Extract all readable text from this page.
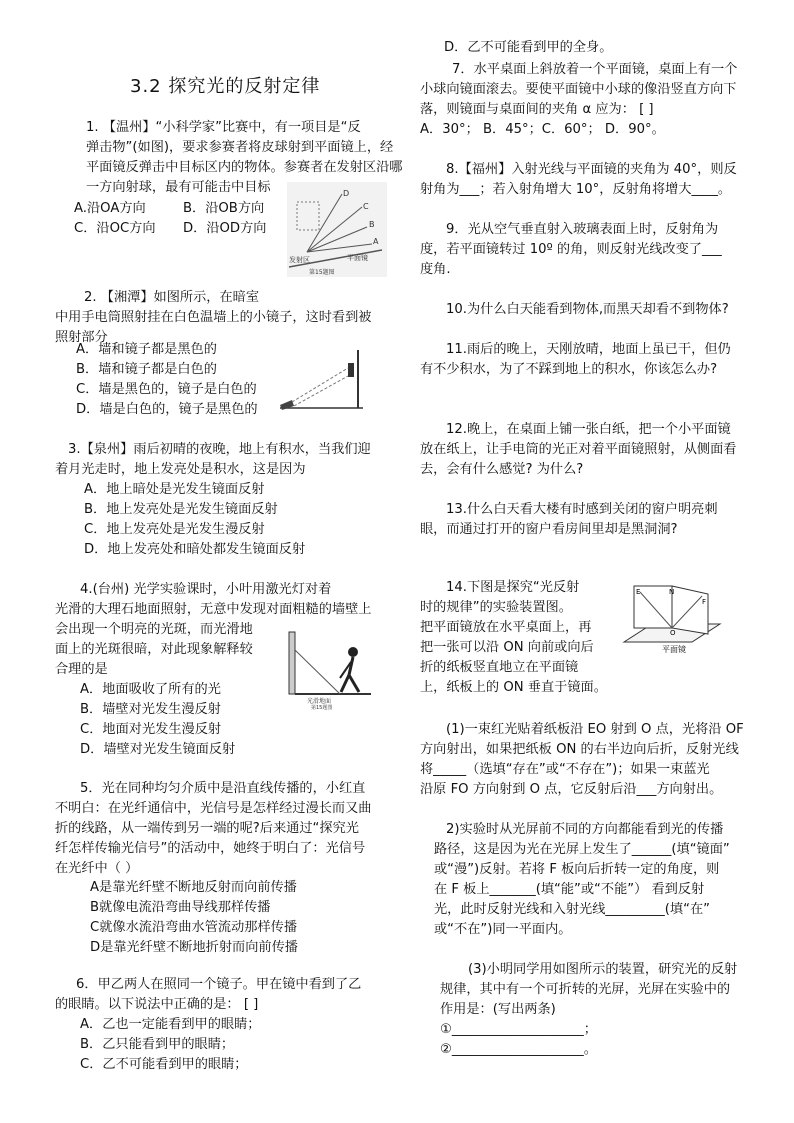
3.2 探究光的反射定律
D
C
B
A
发射区	平面镜
第15题图
光滑地面
第15题图
E	N
F
O
平面镜
1. 【温州】“小科学家”比赛中，有一项目是“反
弹击物”(如图)，要求参赛者将皮球射到平面镜上，经
平面镜反弹击中目标区内的物体。参赛者在发射区沿哪
一方向射球，最有可能击中目标
A.沿OA方向	B．沿OB方向
C．沿OC方向 D．沿OD方向
2. 【湘潭】如图所示，在暗室
中用手电筒照射挂在白色温墙上的小镜子，这时看到被
照射部分
A．墙和镜子都是黑色的
B．墙和镜子都是白色的
C．墙是黑色的，镜子是白色的
D．墙是白色的，镜子是黑色的
3.【泉州】雨后初晴的夜晚，地上有积水，当我们迎
着月光走时，地上发亮处是积水，这是因为
A．地上暗处是光发生镜面反射
B．地上发亮处是光发生镜面反射
C．地上发亮处是光发生漫反射
D．地上发亮处和暗处都发生镜面反射
4.(台州) 光学实验课时，小叶用激光灯对着
光滑的大理石地面照射，无意中发现对面粗糙的墙壁上
会出现一个明亮的光斑，而光滑地
面上的光斑很暗，对此现象解释较
合理的是
A．地面吸收了所有的光
B．墙壁对光发生漫反射
C．地面对光发生漫反射
D．墙壁对光发生镜面反射
5．光在同种均匀介质中是沿直线传播的，小红直
不明白：在光纤通信中，光信号是怎样经过漫长而又曲
折的线路，从一端传到另一端的呢?后来通过“探究光
纤怎样传输光信号”的活动中，她终于明白了：光信号
在光纤中（ ）
A是靠光纤壁不断地反射而向前传播
B就像电流沿弯曲导线那样传播
C就像水流沿弯曲水管流动那样传播
D是靠光纤壁不断地折射而向前传播
6．甲乙两人在照同一个镜子。甲在镜中看到了乙
的眼睛。以下说法中正确的是： [ ]
A．乙也一定能看到甲的眼睛；
B．乙只能看到甲的眼睛；
C．乙不可能看到甲的眼睛；
D．乙不可能看到甲的全身。
7．水平桌面上斜放着一个平面镜，桌面上有一个
小球向镜面滚去。要使平面镜中小球的像沿竖直方向下
落，则镜面与桌面间的夹角 α 应为： [ ]
A．30°； B．45°；C．60°； D．90°。
8.【福州】入射光线与平面镜的夹角为 40°，则反
射角为___；若入射角增大 10°，反射角将增大____。
9．光从空气垂直射入玻璃表面上时，反射角为
度，若平面镜转过 10º 的角，则反射光线改变了___
度角.
10.为什么白天能看到物体,而黑天却看不到物体?
11.雨后的晚上，天刚放晴，地面上虽已干，但仍
有不少积水，为了不踩到地上的积水，你该怎么办?
12.晚上，在桌面上铺一张白纸，把一个小平面镜
放在纸上，让手电筒的光正对着平面镜照射，从侧面看
去，会有什么感觉? 为什么?
13.什么白天看大楼有时感到关闭的窗户明亮刺
眼，而通过打开的窗户看房间里却是黑洞洞?
14.下图是探究“光反射
时的规律”的实验装置图。
把平面镜放在水平桌面上，再
把一张可以沿 ON 向前或向后
折的纸板竖直地立在平面镜
上，纸板上的 ON 垂直于镜面。
(1)一束红光贴着纸板沿 EO 射到 O 点，光将沿 OF
方向射出，如果把纸板 ON 的右半边向后折，反射光线
将_____（选填“存在”或“不存在”)；如果一束蓝光
沿原 FO 方向射到 O 点，它反射后沿___方向射出。
2)实验时从光屏前不同的方向都能看到光的传播
路径，这是因为光在光屏上发生了______(填“镜面”
或“漫”)反射。若将 F 板向后折转一定的角度，则
在 F 板上_______(填“能”或“不能”） 看到反射
光，此时反射光线和入射光线_________(填“在”
或“不在”)同一平面内。
(3)小明同学用如图所示的装置，研究光的反射
规律，其中有一个可折转的光屏，光屏在实验中的
作用是：(写出两条)
①____________________；
②____________________。
